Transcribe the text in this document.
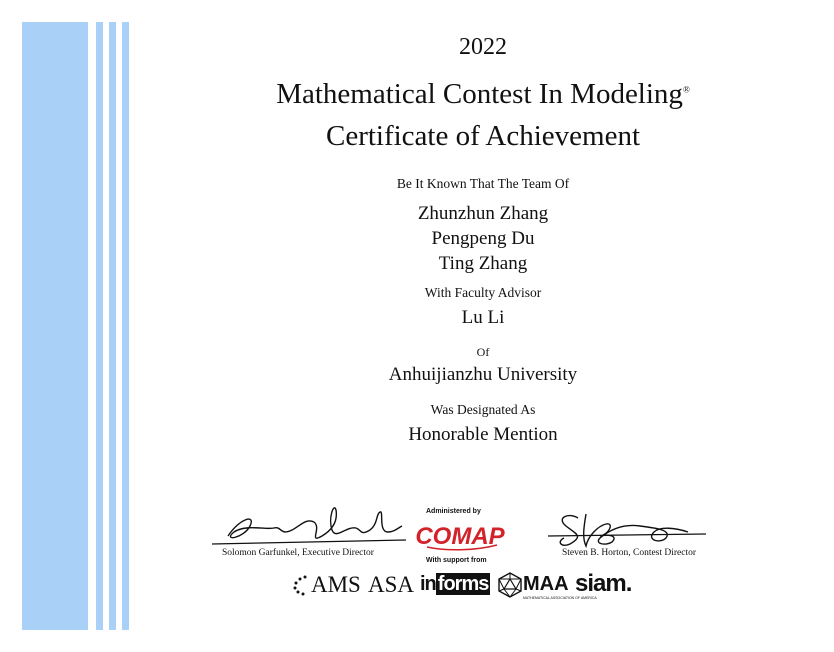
2022
Mathematical Contest In Modeling®
Certificate of Achievement
Be It Known That The Team Of
Zhunzhun Zhang
Pengpeng Du
Ting Zhang
With Faculty Advisor
Lu Li
Of
Anhuijianzhu University
Was Designated As
Honorable Mention
Solomon Garfunkel, Executive Director
Administered by
COMAP
With support from
Steven B. Horton, Contest Director
AMS ASA in forms MAA
MATHEMATICAL ASSOCIATION OF AMERICA
siam.
